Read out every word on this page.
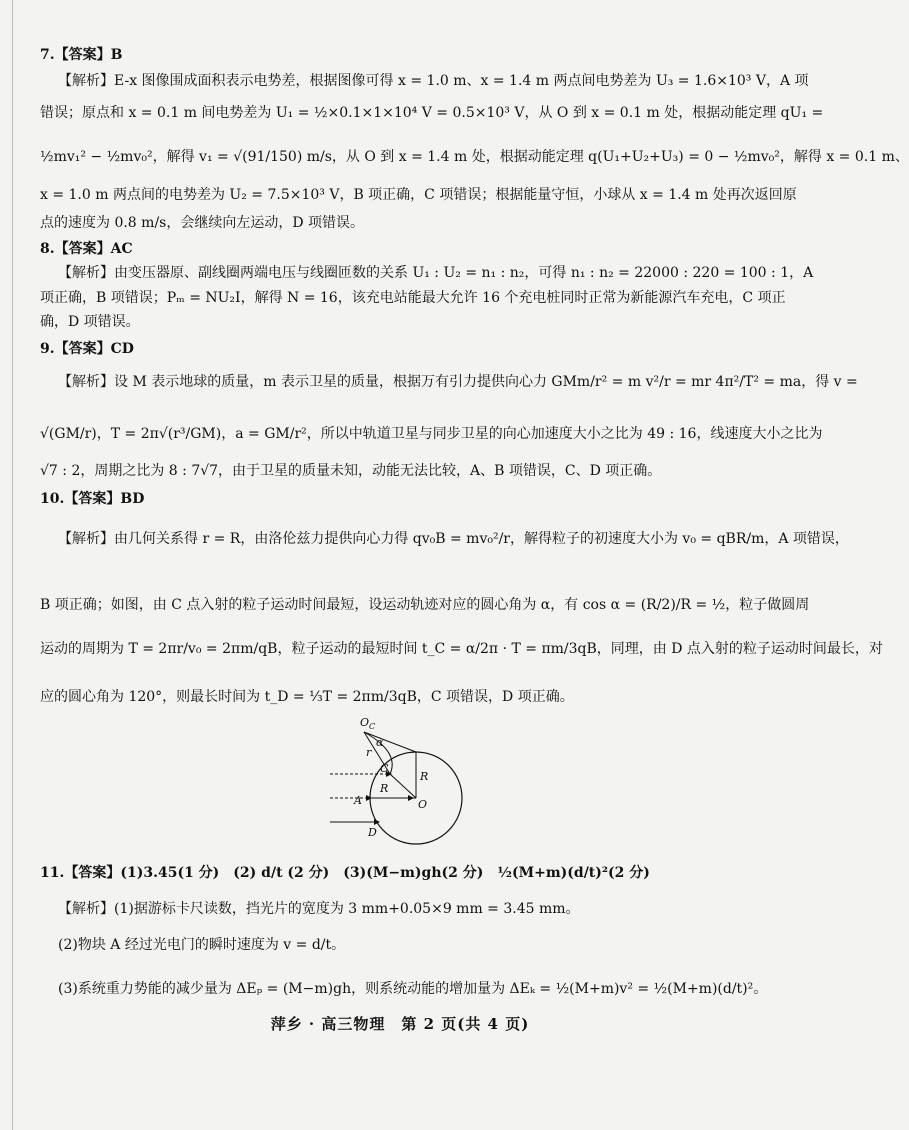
7.【答案】B
【解析】E-x 图像围成面积表示电势差，根据图像可得 x = 1.0 m、x = 1.4 m 两点间电势差为 U₃ = 1.6×10³ V，A 项
错误；原点和 x = 0.1 m 间电势差为 U₁ = ½×0.1×1×10⁴ V = 0.5×10³ V，从 O 到 x = 0.1 m 处，根据动能定理 qU₁ =
½mv₁² − ½mv₀²，解得 v₁ = √(91/150) m/s，从 O 到 x = 1.4 m 处，根据动能定理 q(U₁+U₂+U₃) = 0 − ½mv₀²，解得 x = 0.1 m、
x = 1.0 m 两点间的电势差为 U₂ = 7.5×10³ V，B 项正确，C 项错误；根据能量守恒，小球从 x = 1.4 m 处再次返回原
点的速度为 0.8 m/s，会继续向左运动，D 项错误。
8.【答案】AC
【解析】由变压器原、副线圈两端电压与线圈匝数的关系 U₁ : U₂ = n₁ : n₂，可得 n₁ : n₂ = 22000 : 220 = 100 : 1，A
项正确，B 项错误；Pₘ = NU₂I，解得 N = 16，该充电站能最大允许 16 个充电桩同时正常为新能源汽车充电，C 项正
确，D 项错误。
9.【答案】CD
【解析】设 M 表示地球的质量，m 表示卫星的质量，根据万有引力提供向心力 GMm/r² = m v²/r = mr 4π²/T² = ma，得 v =
√(GM/r)，T = 2π√(r³/GM)，a = GM/r²，所以中轨道卫星与同步卫星的向心加速度大小之比为 49 : 16，线速度大小之比为
√7 : 2，周期之比为 8 : 7√7，由于卫星的质量未知，动能无法比较，A、B 项错误，C、D 项正确。
10.【答案】BD
【解析】由几何关系得 r = R，由洛伦兹力提供向心力得 qv₀B = mv₀²/r，解得粒子的初速度大小为 v₀ = qBR/m，A 项错误，
B 项正确；如图，由 C 点入射的粒子运动时间最短，设运动轨迹对应的圆心角为 α，有 cos α = (R/2)/R = ½，粒子做圆周
运动的周期为 T = 2πr/v₀ = 2πm/qB，粒子运动的最短时间 t_C = α/2π · T = πm/3qB，同理，由 D 点入射的粒子运动时间最长，对
应的圆心角为 120°，则最长时间为 t_D = ⅓T = 2πm/3qB，C 项错误，D 项正确。
O C
α
r
C
R
R
A	O
D
11.【答案】(1)3.45(1 分)　(2) d/t (2 分)　(3)(M−m)gh(2 分)　½(M+m)(d/t)²(2 分)
【解析】(1)据游标卡尺读数，挡光片的宽度为 3 mm+0.05×9 mm = 3.45 mm。
(2)物块 A 经过光电门的瞬时速度为 v = d/t。
(3)系统重力势能的减少量为 ΔEₚ = (M−m)gh，则系统动能的增加量为 ΔEₖ = ½(M+m)v² = ½(M+m)(d/t)²。
萍乡 · 高三物理　第 2 页(共 4 页)
